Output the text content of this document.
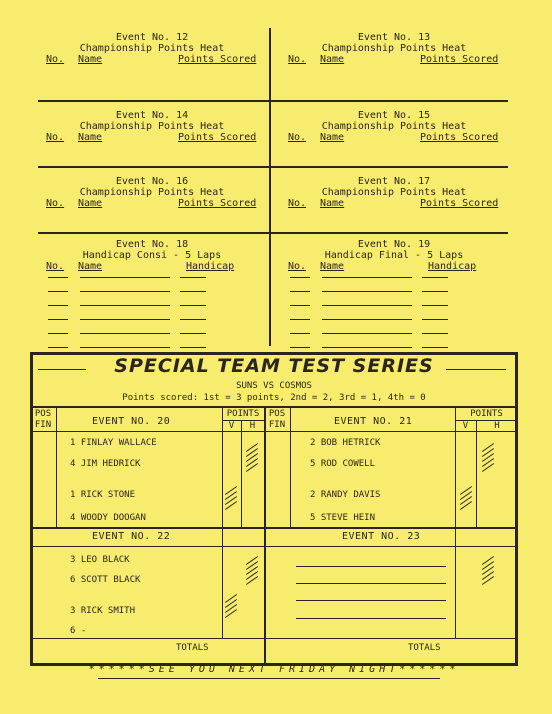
Event No. 12
Championship Points Heat
No. Name	Points Scored
Event No. 13
Championship Points Heat
No. Name	Points Scored
Event No. 14
Championship Points Heat
No. Name	Points Scored
Event No. 15
Championship Points Heat
No. Name	Points Scored
Event No. 16
Championship Points Heat
No. Name	Points Scored
Event No. 17
Championship Points Heat
No. Name	Points Scored
Event No. 18
Handicap Consi - 5 Laps
No. Name	Handicap
Event No. 19
Handicap Final - 5 Laps
No. Name	Handicap
SPECIAL TEAM TEST SERIES
SUNS VS COSMOS
Points scored: 1st = 3 points, 2nd = 2, 3rd = 1, 4th = 0
POS
FIN	EVENT NO. 20
POINTS
V	H
POS
FIN	EVENT NO. 21
POINTS
V	H
1 FINLAY WALLACE
4 JIM HEDRICK
1 RICK STONE
4 WOODY DOOGAN
2 BOB HETRICK
5 ROD COWELL
2 RANDY DAVIS
5 STEVE HEIN
EVENT NO. 22	EVENT NO. 23
3 LEO BLACK
6 SCOTT BLACK
3 RICK SMITH
6 -
TOTALS	TOTALS
******SEE YOU NEXT FRIDAY NIGHT******
